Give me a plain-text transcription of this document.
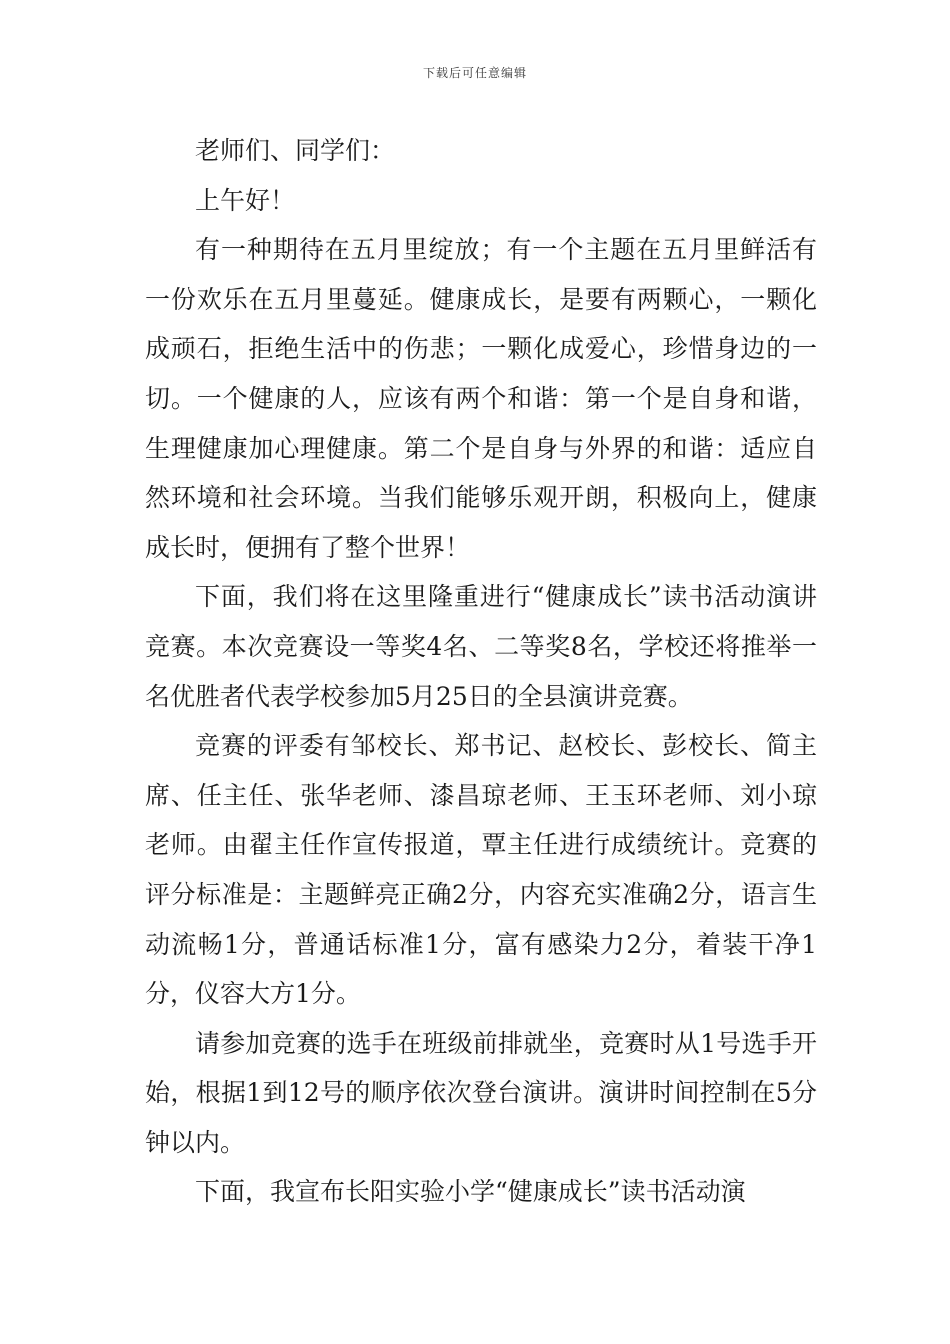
下载后可任意编辑

老师们、同学们：

上午好！

有一种期待在五月里绽放；有一个主题在五月里鲜活有一份欢乐在五月里蔓延。健康成长，是要有两颗心，一颗化成顽石，拒绝生活中的伤悲；一颗化成爱心，珍惜身边的一切。一个健康的人，应该有两个和谐：第一个是自身和谐，生理健康加心理健康。第二个是自身与外界的和谐：适应自然环境和社会环境。当我们能够乐观开朗，积极向上，健康成长时，便拥有了整个世界！

下面，我们将在这里隆重进行“健康成长”读书活动演讲竞赛。本次竞赛设一等奖4名、二等奖8名，学校还将推举一名优胜者代表学校参加5月25日的全县演讲竞赛。

竞赛的评委有邹校长、郑书记、赵校长、彭校长、简主席、任主任、张华老师、漆昌琼老师、王玉环老师、刘小琼老师。由翟主任作宣传报道，覃主任进行成绩统计。竞赛的评分标准是：主题鲜亮正确2分，内容充实准确2分，语言生动流畅1分，普通话标准1分，富有感染力2分，着装干净1分，仪容大方1分。

请参加竞赛的选手在班级前排就坐，竞赛时从1号选手开始，根据1到12号的顺序依次登台演讲。演讲时间控制在5分钟以内。

下面，我宣布长阳实验小学“健康成长”读书活动演
